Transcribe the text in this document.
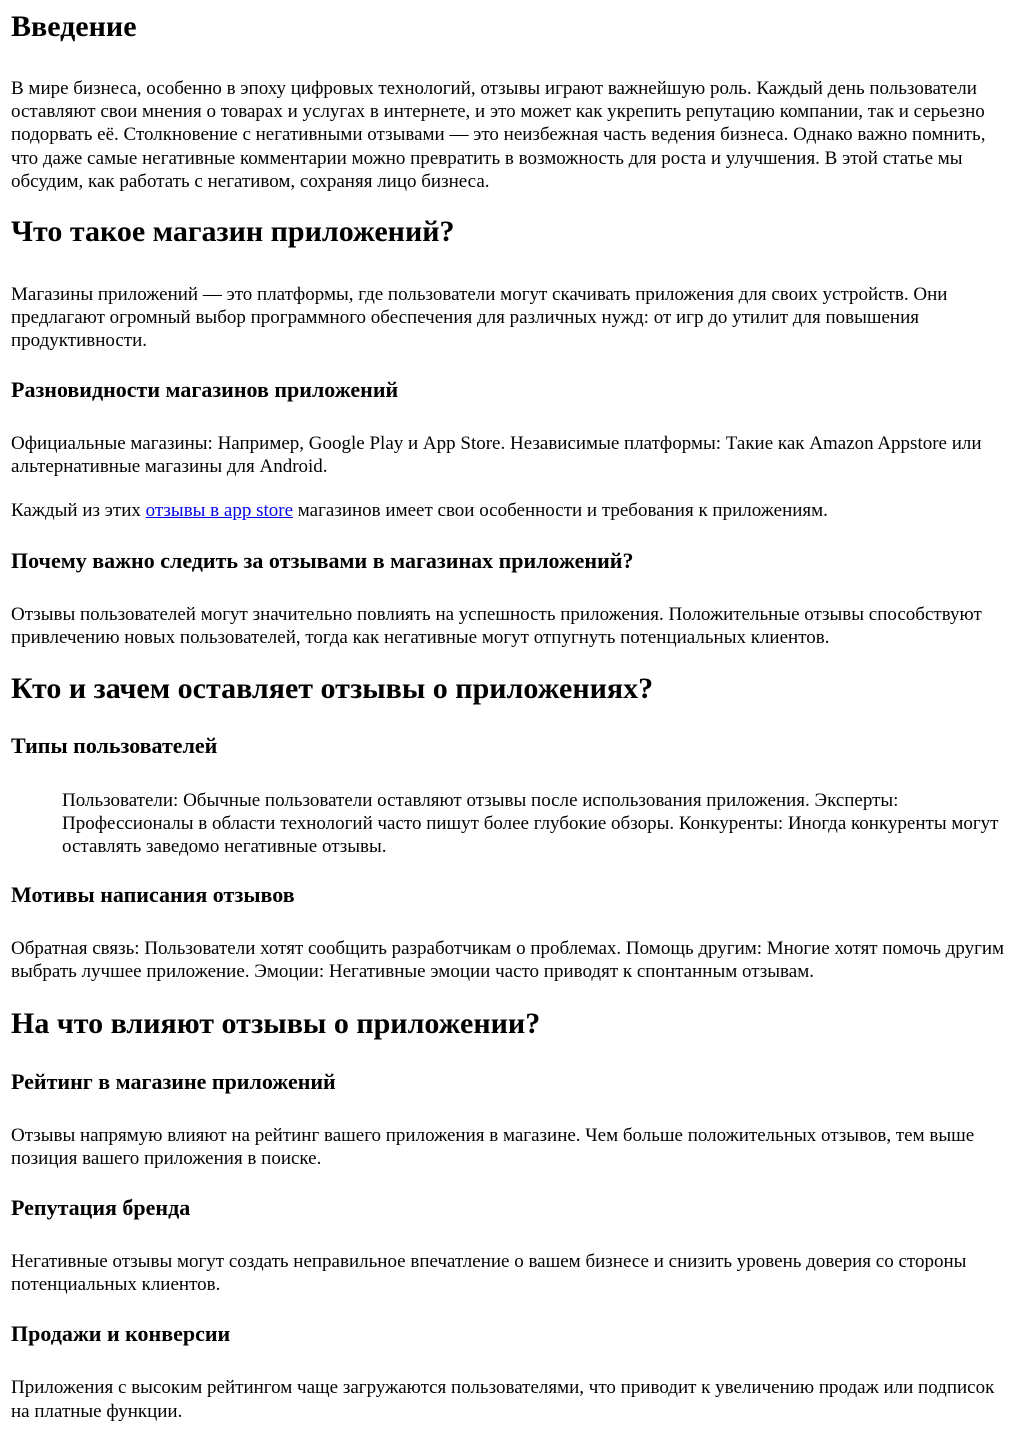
Введение

В мире бизнеса, особенно в эпоху цифровых технологий, отзывы играют важнейшую роль. Каждый день пользователи оставляют свои мнения о товарах и услугах в интернете, и это может как укрепить репутацию компании, так и серьезно подорвать её. Столкновение с негативными отзывами — это неизбежная часть ведения бизнеса. Однако важно помнить, что даже самые негативные комментарии можно превратить в возможность для роста и улучшения. В этой статье мы обсудим, как работать с негативом, сохраняя лицо бизнеса.

Что такое магазин приложений?

Магазины приложений — это платформы, где пользователи могут скачивать приложения для своих устройств. Они предлагают огромный выбор программного обеспечения для различных нужд: от игр до утилит для повышения продуктивности.

Разновидности магазинов приложений

Официальные магазины: Например, Google Play и App Store. Независимые платформы: Такие как Amazon Appstore или альтернативные магазины для Android.

Каждый из этих отзывы в app store магазинов имеет свои особенности и требования к приложениям.

Почему важно следить за отзывами в магазинах приложений?

Отзывы пользователей могут значительно повлиять на успешность приложения. Положительные отзывы способствуют привлечению новых пользователей, тогда как негативные могут отпугнуть потенциальных клиентов.

Кто и зачем оставляет отзывы о приложениях?
Типы пользователей
Пользователи: Обычные пользователи оставляют отзывы после использования приложения. Эксперты: Профессионалы в области технологий часто пишут более глубокие обзоры. Конкуренты: Иногда конкуренты могут оставлять заведомо негативные отзывы.
Мотивы написания отзывов

Обратная связь: Пользователи хотят сообщить разработчикам о проблемах. Помощь другим: Многие хотят помочь другим выбрать лучшее приложение. Эмоции: Негативные эмоции часто приводят к спонтанным отзывам.

На что влияют отзывы о приложении?
Рейтинг в магазине приложений

Отзывы напрямую влияют на рейтинг вашего приложения в магазине. Чем больше положительных отзывов, тем выше позиция вашего приложения в поиске.

Репутация бренда

Негативные отзывы могут создать неправильное впечатление о вашем бизнесе и снизить уровень доверия со стороны потенциальных клиентов.

Продажи и конверсии

Приложения с высоким рейтингом чаще загружаются пользователями, что приводит к увеличению продаж или подписок на платные функции.
